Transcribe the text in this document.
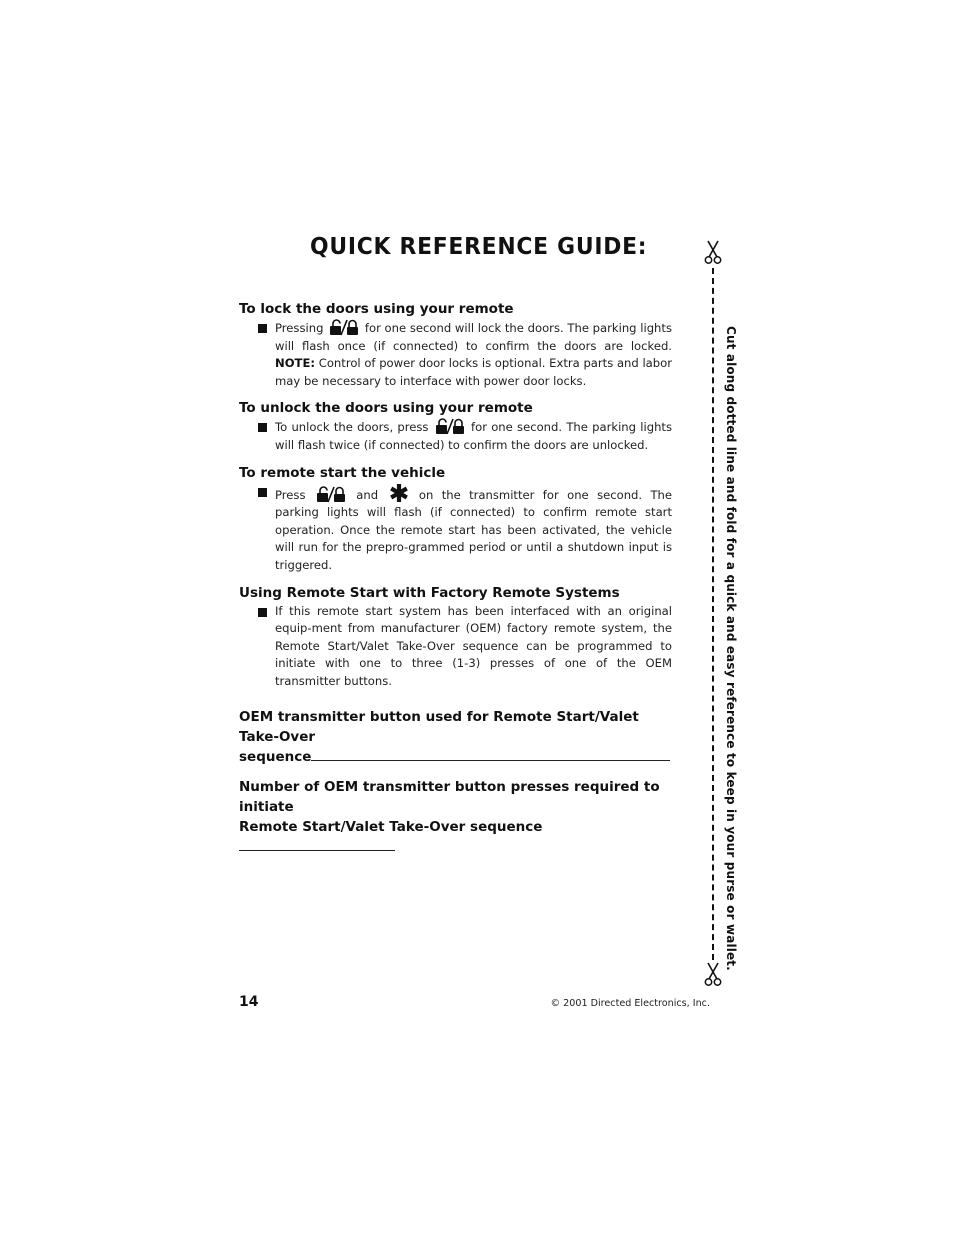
QUICK REFERENCE GUIDE:
To lock the doors using your remote
Pressing	for one second will lock the doors. The parking lights will flash once (if connected) to confirm the doors are locked. NOTE: Control of power door locks is optional. Extra parts and labor may be necessary to interface with power door locks.
To unlock the doors using your remote
To unlock the doors, press	for one second. The parking lights will flash twice (if connected) to confirm the doors are unlocked.
To remote start the vehicle
Press	and	on the transmitter for one second. The parking lights will flash (if connected) to confirm remote start operation. Once the remote start has been activated, the vehicle will run for the prepro-grammed period or until a shutdown input is triggered.
Using Remote Start with Factory Remote Systems
If this remote start system has been interfaced with an original equip-ment from manufacturer (OEM) factory remote system, the Remote Start/Valet Take-Over sequence can be programmed to initiate with one to three (1-3) presses of one of the OEM transmitter buttons.
OEM transmitter button used for Remote Start/Valet Take-Over
sequence
Number of OEM transmitter button presses required to initiate
Remote Start/Valet Take-Over sequence	Cut along dotted line and fold for a quick and easy reference to keep in your purse or wallet.
14	© 2001 Directed Electronics, Inc.
